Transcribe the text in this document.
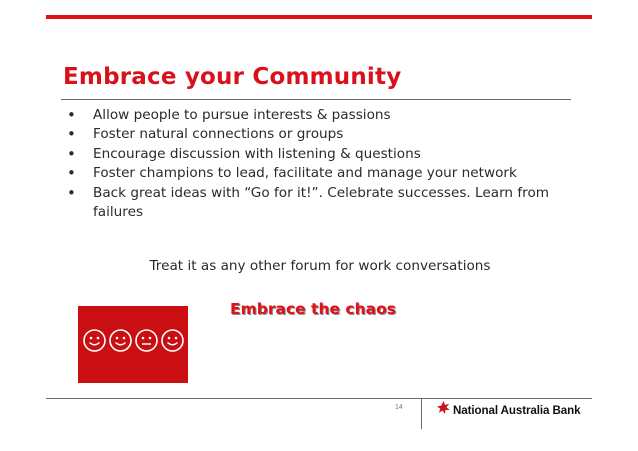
Embrace your Community
• Allow people to pursue interests & passions
• Foster natural connections or groups
• Encourage discussion with listening & questions
• Foster champions to lead, facilitate and manage your network
• Back great ideas with “Go for it!”. Celebrate successes. Learn from failures
Treat it as any other forum for work conversations
Embrace the chaos
14	National Australia Bank
